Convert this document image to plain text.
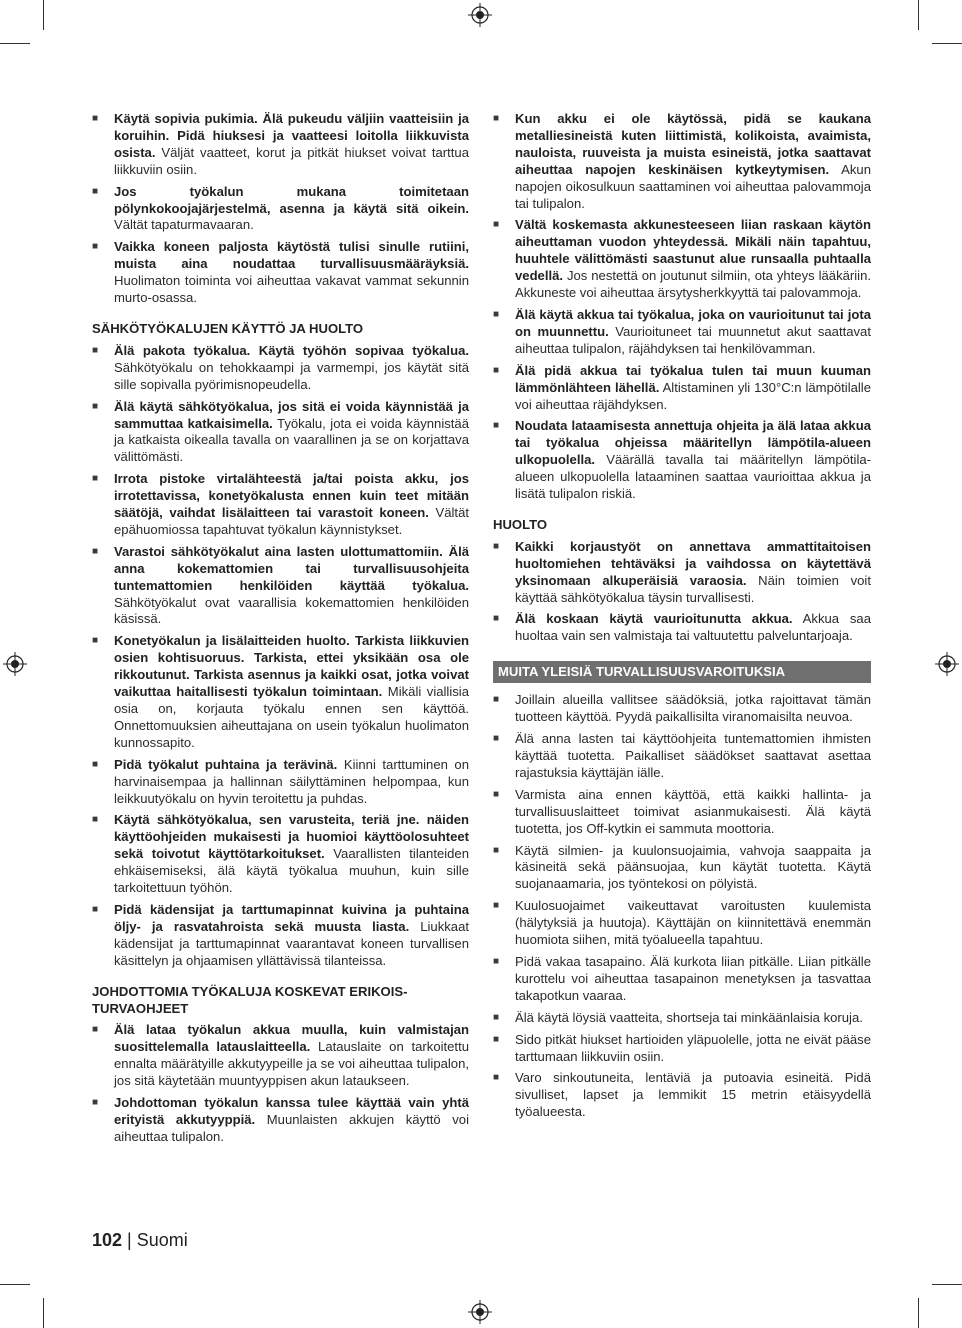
■ Käytä sopivia pukimia. Älä pukeudu väljiin vaatteisiin ja koruihin. Pidä hiuksesi ja vaatteesi loitolla liikkuvista osista. Väljät vaatteet, korut ja pitkät hiukset voivat tarttua liikkuviin osiin.
■ Jos työkalun mukana toimitetaan pölynkokoojajärjestelmä, asenna ja käytä sitä oikein. Vältät tapaturmavaaran.
■ Vaikka koneen paljosta käytöstä tulisi sinulle rutiini, muista aina noudattaa turvallisuusmääräyksiä. Huolimaton toiminta voi aiheuttaa vakavat vammat sekunnin murto-osassa.
SÄHKÖTYÖKALUJEN KÄYTTÖ JA HUOLTO
■ Älä pakota työkalua. Käytä työhön sopivaa työkalua. Sähkötyökalu on tehokkaampi ja varmempi, jos käytät sitä sille sopivalla pyörimisnopeudella.
■ Älä käytä sähkötyökalua, jos sitä ei voida käynnistää ja sammuttaa katkaisimella. Työkalu, jota ei voida käynnistää ja katkaista oikealla tavalla on vaarallinen ja se on korjattava välittömästi.
■ Irrota pistoke virtalähteestä ja/tai poista akku, jos irrotettavissa, konetyökalusta ennen kuin teet mitään säätöjä, vaihdat lisälaitteen tai varastoit koneen. Vältät epähuomiossa tapahtuvat työkalun käynnistykset.
■ Varastoi sähkötyökalut aina lasten ulottumattomiin. Älä anna kokemattomien tai turvallisuusohjeita tuntemattomien henkilöiden käyttää työkalua. Sähkötyökalut ovat vaarallisia kokemattomien henkilöiden käsissä.
■ Konetyökalun ja lisälaitteiden huolto. Tarkista liikkuvien osien kohtisuoruus. Tarkista, ettei yksikään osa ole rikkoutunut. Tarkista asennus ja kaikki osat, jotka voivat vaikuttaa haitallisesti työkalun toimintaan. Mikäli viallisia osia on, korjauta työkalu ennen sen käyttöä. Onnettomuuksien aiheuttajana on usein työkalun huolimaton kunnossapito.
■ Pidä työkalut puhtaina ja terävinä. Kiinni tarttuminen on harvinaisempaa ja hallinnan säilyttäminen helpompaa, kun leikkuutyökalu on hyvin teroitettu ja puhdas.
■ Käytä sähkötyökalua, sen varusteita, teriä jne. näiden käyttöohjeiden mukaisesti ja huomioi käyttöolosuhteet sekä toivotut käyttötarkoitukset. Vaarallisten tilanteiden ehkäisemiseksi, älä käytä työkalua muuhun, kuin sille tarkoitettuun työhön.
■ Pidä kädensijat ja tarttumapinnat kuivina ja puhtaina öljy- ja rasvatahroista sekä muusta liasta. Liukkaat kädensijat ja tarttumapinnat vaarantavat koneen turvallisen käsittelyn ja ohjaamisen yllättävissä tilanteissa.
JOHDOTTOMIA TYÖKALUJA KOSKEVAT ERIKOIS-TURVAOHJEET
■ Älä lataa työkalun akkua muulla, kuin valmistajan suosittelemalla latauslaitteella. Latauslaite on tarkoitettu ennalta määrätyille akkutyypeille ja se voi aiheuttaa tulipalon, jos sitä käytetään muuntyyppisen akun lataukseen.
■ Johdottoman työkalun kanssa tulee käyttää vain yhtä erityistä akkutyyppiä. Muunlaisten akkujen käyttö voi aiheuttaa tulipalon.
■ Kun akku ei ole käytössä, pidä se kaukana metalliesineistä kuten liittimistä, kolikoista, avaimista, nauloista, ruuveista ja muista esineistä, jotka saattavat aiheuttaa napojen keskinäisen kytkeytymisen. Akun napojen oikosulkuun saattaminen voi aiheuttaa palovammoja tai tulipalon.
■ Vältä koskemasta akkunesteeseen liian raskaan käytön aiheuttaman vuodon yhteydessä. Mikäli näin tapahtuu, huuhtele välittömästi saastunut alue runsaalla puhtaalla vedellä. Jos nestettä on joutunut silmiin, ota yhteys lääkäriin. Akkuneste voi aiheuttaa ärsytysherkkyyttä tai palovammoja.
■ Älä käytä akkua tai työkalua, joka on vaurioitunut tai jota on muunnettu. Vaurioituneet tai muunnetut akut saattavat aiheuttaa tulipalon, räjähdyksen tai henkilövamman.
■ Älä pidä akkua tai työkalua tulen tai muun kuuman lämmönlähteen lähellä. Altistaminen yli 130°C:n lämpötilalle voi aiheuttaa räjähdyksen.
■ Noudata lataamisesta annettuja ohjeita ja älä lataa akkua tai työkalua ohjeissa määritellyn lämpötila-alueen ulkopuolella. Väärällä tavalla tai määritellyn lämpötila-alueen ulkopuolella lataaminen saattaa vaurioittaa akkua ja lisätä tulipalon riskiä.
HUOLTO
■ Kaikki korjaustyöt on annettava ammattitaitoisen huoltomiehen tehtäväksi ja vaihdossa on käytettävä yksinomaan alkuperäisiä varaosia. Näin toimien voit käyttää sähkötyökalua täysin turvallisesti.
■ Älä koskaan käytä vaurioitunutta akkua. Akkua saa huoltaa vain sen valmistaja tai valtuutettu palveluntarjoaja.
MUITA YLEISIÄ TURVALLISUUSVAROITUKSIA
■ Joillain alueilla vallitsee säädöksiä, jotka rajoittavat tämän tuotteen käyttöä. Pyydä paikallisilta viranomaisilta neuvoa.
■ Älä anna lasten tai käyttöohjeita tuntemattomien ihmisten käyttää tuotetta. Paikalliset säädökset saattavat asettaa rajastuksia käyttäjän iälle.
■ Varmista aina ennen käyttöä, että kaikki hallinta- ja turvallisuuslaitteet toimivat asianmukaisesti. Älä käytä tuotetta, jos Off-kytkin ei sammuta moottoria.
■ Käytä silmien- ja kuulonsuojaimia, vahvoja saappaita ja käsineitä sekä päänsuojaa, kun käytät tuotetta. Käytä suojanaamaria, jos työntekosi on pölyistä.
■ Kuulosuojaimet vaikeuttavat varoitusten kuulemista (hälytyksiä ja huutoja). Käyttäjän on kiinnitettävä enemmän huomiota siihen, mitä työalueella tapahtuu.
■ Pidä vakaa tasapaino. Älä kurkota liian pitkälle. Liian pitkälle kurottelu voi aiheuttaa tasapainon menetyksen ja tasvattaa takapotkun vaaraa.
■ Älä käytä löysiä vaatteita, shortseja tai minkäänlaisia koruja.
■ Sido pitkät hiukset hartioiden yläpuolelle, jotta ne eivät pääse tarttumaan liikkuviin osiin.
■ Varo sinkoutuneita, lentäviä ja putoavia esineitä. Pidä sivulliset, lapset ja lemmikit 15 metrin etäisyydellä työalueesta.
102 | Suomi
